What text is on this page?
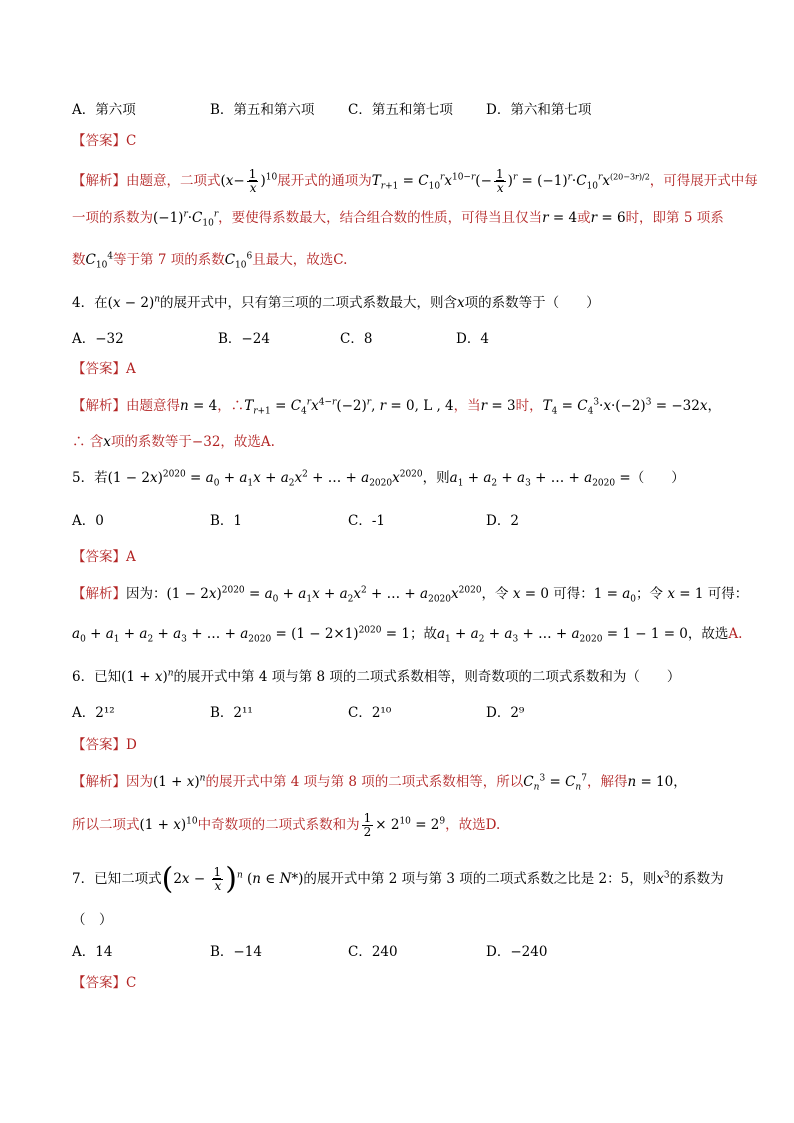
A．第六项	B．第五和第六项 C．第五和第七项 D．第六和第七项
【答案】C
【解析】由题意，二项式$(x- \frac{1}{x} )^{10}$展开式的通项为$T_{r+1} = C_{10}^rx^{10-r}(- \frac{1}{x} )^r = (-1)^r\cdot C_{10}^rx^{(20-3r)/2}$，可得展开式中每
一项的系数为$(-1)^r\cdot C_{10}^r$，要使得系数最大，结合组合数的性质，可得当且仅当r = 4或r = 6时，即第 5 项系
数$C_{10}^4$等于第 7 项的系数$C_{10}^6$且最大，故选C.
4．在$(x - 2)^n$的展开式中，只有第三项的二项式系数最大，则含x项的系数等于（　　）
A．−32	B．−24	C．8	D．4
【答案】A
【解析】由题意得n = 4，$\therefore T_{r+1} = C_4^rx^{4-r}(-2)^r$, r = 0, L , 4，当r = 3时，$T_4 = C_4^3\cdot x\cdot(-2)^3 = -32x$，
∴ 含x项的系数等于−32，故选A.
5．若$(1 - 2x)^{2020} = a_0 + a_1x + a_2x^2$ + … + $a_{2020}x^{2020}$，则$a_1 + a_2 + a_3$ + … + $a_{2020}$ =（　　）
A．0	B．1	C．-1	D．2
【答案】A
【解析】因为：$(1 - 2x)^{2020} = a_0 + a_1x + a_2x^2$ + … + $a_{2020}x^{2020}$，令 x = 0 可得：$1 = a_0$；令 x = 1 可得：
$a_0 + a_1 + a_2 + a_3$ + … + $a_{2020} = (1 - 2\times 1)^{2020} = 1$；故$a_1 + a_2 + a_3$ + … + $a_{2020} = 1 - 1 = 0$，故选A.
6．已知$(1 + x)^n$的展开式中第 4 项与第 8 项的二项式系数相等，则奇数项的二项式系数和为（　　）
A．2¹²	B．2¹¹	C．2¹⁰	D．2⁹
【答案】D
【解析】因为$(1 + x)^n$的展开式中第 4 项与第 8 项的二项式系数相等，所以$C_n^3 = C_n^7$，解得n = 10，
所以二项式$(1 + x)^{10}$中奇数项的二项式系数和为 $\frac{1}{2} \times 2^{10} = 2^9$，故选D.
7．已知二项式$(2x - \frac{1}{x} )^n$ (n ∈ N*)的展开式中第 2 项与第 3 项的二项式系数之比是 2：5，则$x^3$的系数为
（　）
A．14	B．−14	C．240	D．−240
【答案】C
